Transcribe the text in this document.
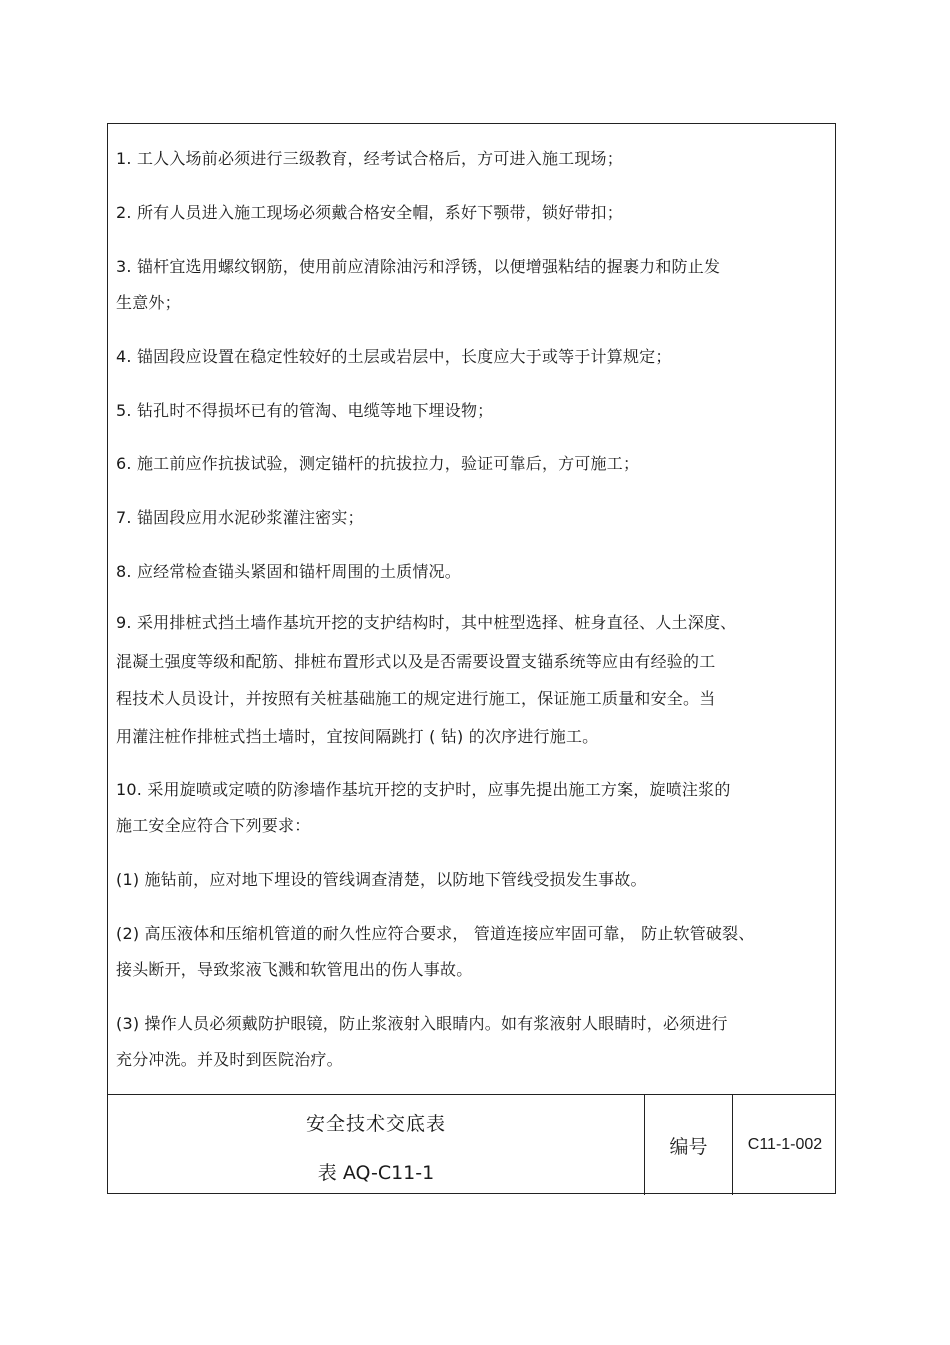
1. 工人入场前必须进行三级教育，经考试合格后，方可进入施工现场；
2. 所有人员进入施工现场必须戴合格安全帽，系好下颚带，锁好带扣；
3. 锚杆宜选用螺纹钢筋，使用前应清除油污和浮锈，以便增强粘结的握裹力和防止发
生意外；
4. 锚固段应设置在稳定性较好的土层或岩层中，长度应大于或等于计算规定；
5. 钻孔时不得损坏已有的管淘、电缆等地下埋设物；
6. 施工前应作抗拔试验，测定锚杆的抗拔拉力，验证可靠后，方可施工；
7. 锚固段应用水泥砂浆灌注密实；
8. 应经常检查锚头紧固和锚杆周围的土质情况。
9. 采用排桩式挡土墙作基坑开挖的支护结构时，其中桩型选择、桩身直径、人土深度、
混凝土强度等级和配筋、排桩布置形式以及是否需要设置支锚系统等应由有经验的工
程技术人员设计，并按照有关桩基础施工的规定进行施工，保证施工质量和安全。当
用灌注桩作排桩式挡土墙时，宜按间隔跳打 ( 钻) 的次序进行施工。
10. 采用旋喷或定喷的防渗墙作基坑开挖的支护时，应事先提出施工方案，旋喷注浆的
施工安全应符合下列要求：
(1) 施钻前，应对地下埋设的管线调查清楚，以防地下管线受损发生事故。
(2) 高压液体和压缩机管道的耐久性应符合要求， 管道连接应牢固可靠， 防止软管破裂、
接头断开，导致浆液飞溅和软管甩出的伤人事故。
(3) 操作人员必须戴防护眼镜，防止浆液射入眼睛内。如有浆液射人眼睛时，必须进行
充分冲洗。并及时到医院治疗。
安全技术交底表
表 AQ-C11-1
编号	C11-1-002
